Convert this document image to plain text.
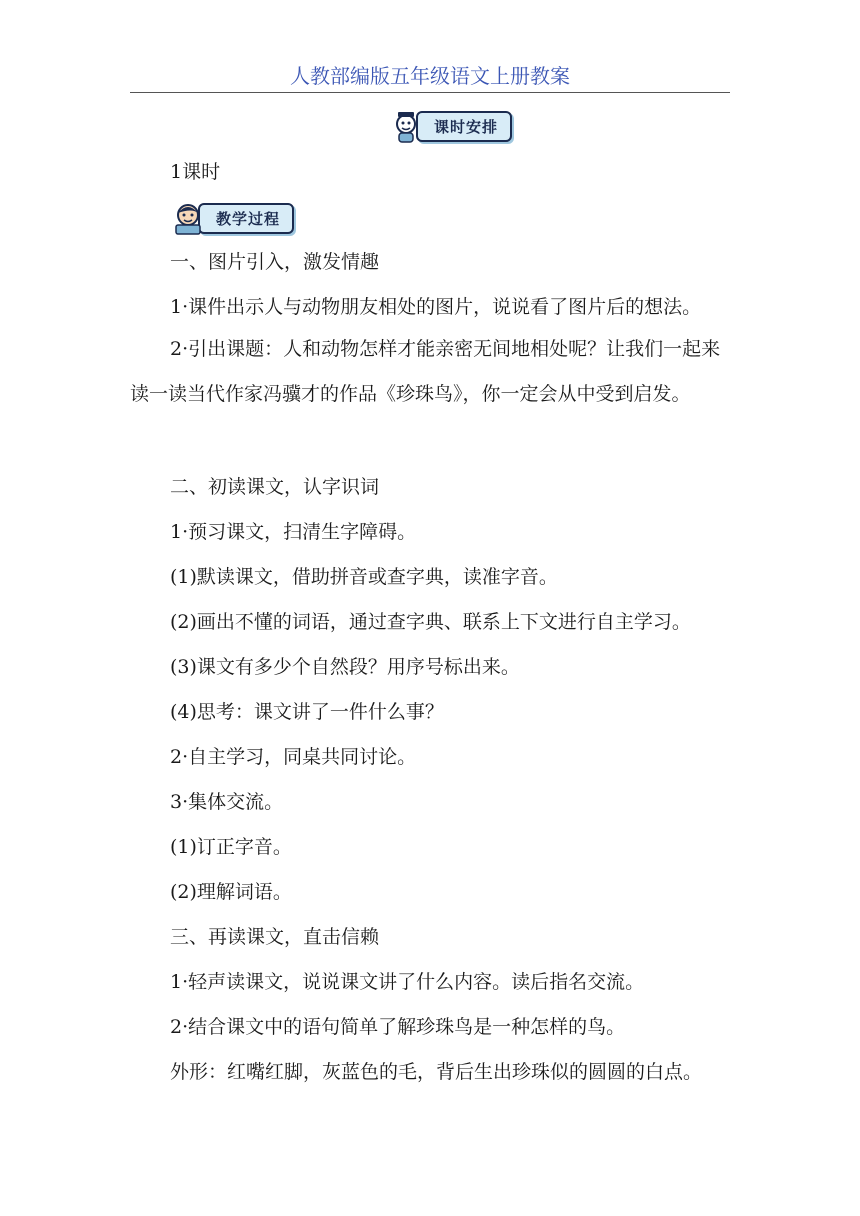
人教部编版五年级语文上册教案
课时安排
1课时
教学过程
一、图片引入，激发情趣
1·课件出示人与动物朋友相处的图片，说说看了图片后的想法。
2·引出课题：人和动物怎样才能亲密无间地相处呢？让我们一起来读一读当代作家冯骥才的作品《珍珠鸟》，你一定会从中受到启发。
二、初读课文，认字识词
1·预习课文，扫清生字障碍。
(1)默读课文，借助拼音或查字典，读准字音。
(2)画出不懂的词语，通过查字典、联系上下文进行自主学习。
(3)课文有多少个自然段？用序号标出来。
(4)思考：课文讲了一件什么事？
2·自主学习，同桌共同讨论。
3·集体交流。
(1)订正字音。
(2)理解词语。
三、再读课文，直击信赖
1·轻声读课文，说说课文讲了什么内容。读后指名交流。
2·结合课文中的语句简单了解珍珠鸟是一种怎样的鸟。
外形：红嘴红脚，灰蓝色的毛，背后生出珍珠似的圆圆的白点。
